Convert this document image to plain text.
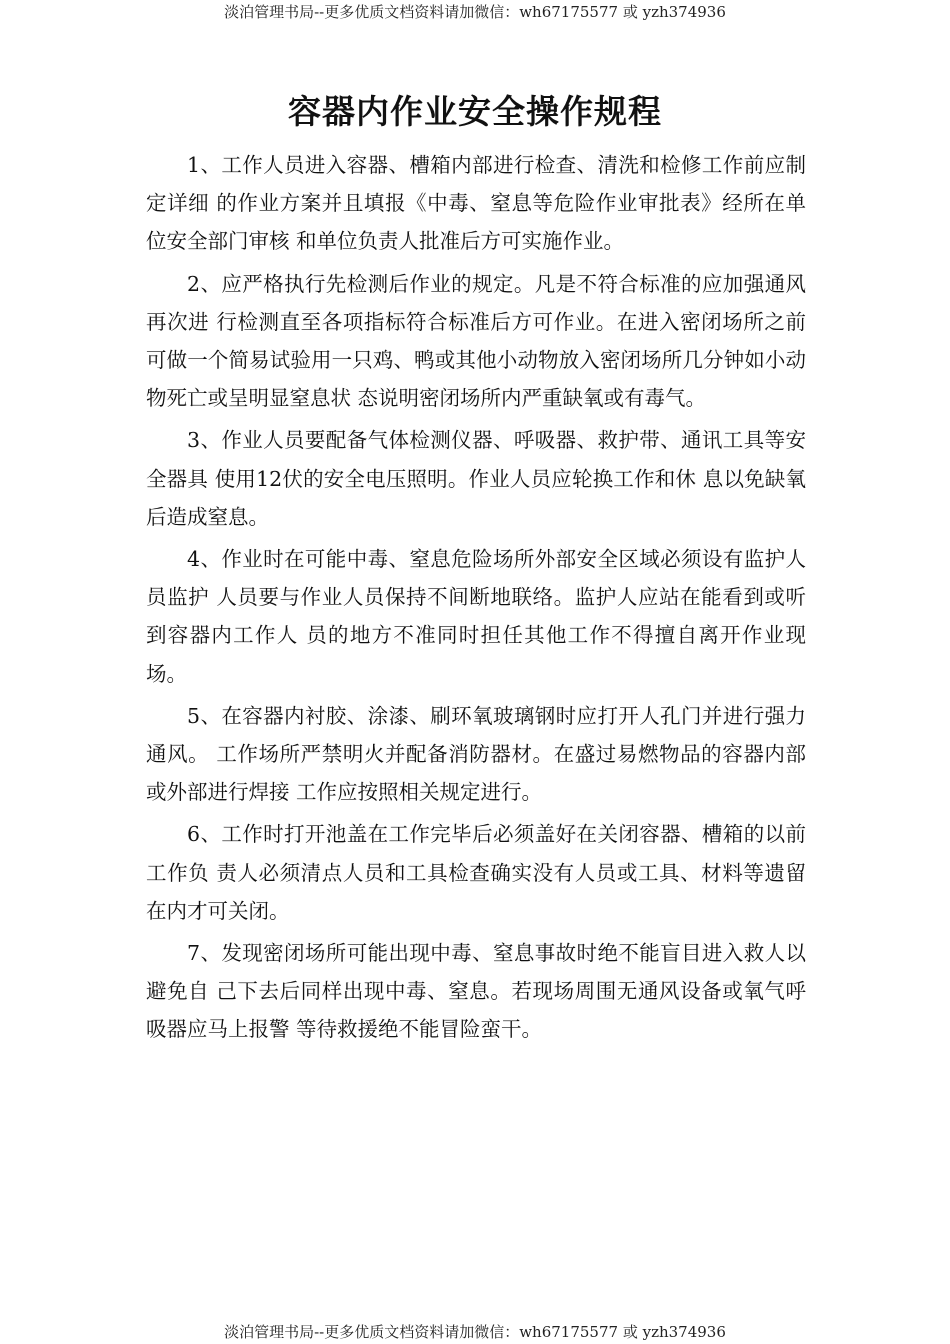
淡泊管理书局--更多优质文档资料请加微信：wh67175577 或 yzh374936
容器内作业安全操作规程

1、工作人员进入容器、槽箱内部进行检查、清洗和检修工作前应制定详细 的作业方案并且填报《中毒、窒息等危险作业审批表》经所在单位安全部门审核 和单位负责人批准后方可实施作业。

2、应严格执行先检测后作业的规定。凡是不符合标准的应加强通风再次进 行检测直至各项指标符合标准后方可作业。在进入密闭场所之前可做一个简易试验用一只鸡、鸭或其他小动物放入密闭场所几分钟如小动物死亡或呈明显窒息状 态说明密闭场所内严重缺氧或有毒气。

3、作业人员要配备气体检测仪器、呼吸器、救护带、通讯工具等安全器具 使用12伏的安全电压照明。作业人员应轮换工作和休 息以免缺氧后造成窒息。

4、作业时在可能中毒、窒息危险场所外部安全区域必须设有监护人员监护 人员要与作业人员保持不间断地联络。监护人应站在能看到或听到容器内工作人 员的地方不准同时担任其他工作不得擅自离开作业现场。

5、在容器内衬胶、涂漆、刷环氧玻璃钢时应打开人孔门并进行强力通风。 工作场所严禁明火并配备消防器材。在盛过易燃物品的容器内部或外部进行焊接 工作应按照相关规定进行。

6、工作时打开池盖在工作完毕后必须盖好在关闭容器、槽箱的以前工作负 责人必须清点人员和工具检查确实没有人员或工具、材料等遗留在内才可关闭。

7、发现密闭场所可能出现中毒、窒息事故时绝不能盲目进入救人以避免自 己下去后同样出现中毒、窒息。若现场周围无通风设备或氧气呼吸器应马上报警 等待救援绝不能冒险蛮干。

淡泊管理书局--更多优质文档资料请加微信：wh67175577 或 yzh374936
